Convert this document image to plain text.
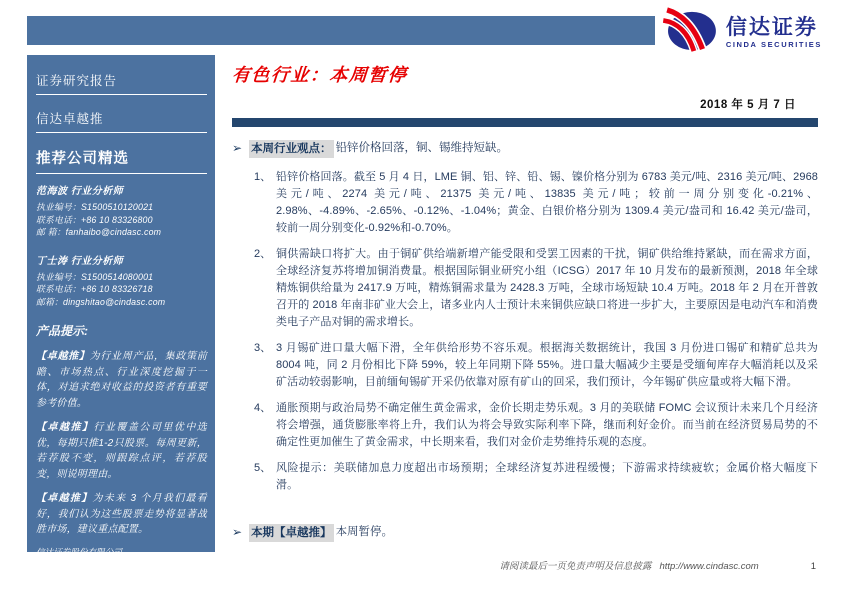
信达证券
CINDA SECURITIES
证券研究报告
信达卓越推
推荐公司精选
范海波 行业分析师
执业编号：S1500510120021
联系电话：+86 10 83326800
邮 箱：fanhaibo@cindasc.com
丁士涛 行业分析师
执业编号：S1500514080001
联系电话：+86 10 83326718
邮箱：dingshitao@cindasc.com
产品提示:

【卓越推】为行业周产品，集政策前瞻、市场热点、行业深度挖掘于一体，对追求绝对收益的投资者有重要参考价值。

【卓越推】行业覆盖公司里优中选优，每期只推1-2只股票。每周更新，若荐股不变，则跟踪点评，若荐股变，则说明理由。

【卓越推】为未来 3 个月我们最看好，我们认为这些股票走势将显著战胜市场，建议重点配置。

信达证券股份有限公司
CINDA SECURITIES CO.,LTD
北京市西城区闹市口大街 9 号院 1 号楼
邮编：100031
有色行业：本周暂停
2018 年 5 月 7 日
➢ 本周行业观点： 铅锌价格回落，铜、锡维持短缺。
1、 铅锌价格回落。截至 5 月 4 日，LME 铜、铝、锌、铅、锡、镍价格分别为 6783 美元/吨、2316 美元/吨、2968 美元/吨、2274 美元/吨、21375 美元/吨、13835 美元/吨；较前一周分别变化-0.21%、2.98%、-4.89%、-2.65%、-0.12%、-1.04%；黄金、白银价格分别为 1309.4 美元/盎司和 16.42 美元/盎司，较前一周分别变化-0.92%和-0.70%。

2、 铜供需缺口将扩大。由于铜矿供给端新增产能受限和受罢工因素的干扰，铜矿供给维持紧缺，而在需求方面，全球经济复苏将增加铜消费量。根据国际铜业研究小组（ICSG）2017 年 10 月发布的最新预测，2018 年全球精炼铜供给量为 2417.9 万吨，精炼铜需求量为 2428.3 万吨，全球市场短缺 10.4 万吨。2018 年 2 月在开普敦召开的 2018 年南非矿业大会上，诸多业内人士预计未来铜供应缺口将进一步扩大，主要原因是电动汽车和消费类电子产品对铜的需求增长。

3、 3 月锡矿进口量大幅下滑，全年供给形势不容乐观。根据海关数据统计，我国 3 月份进口锡矿和精矿总共为 8004 吨，同 2 月份相比下降 59%，较上年同期下降 55%。进口量大幅减少主要是受缅甸库存大幅消耗以及采矿活动较弱影响，目前缅甸锡矿开采仍依靠对原有矿山的回采，我们预计，今年锡矿供应量或将大幅下滑。

4、 通胀预期与政治局势不确定催生黄金需求，金价长期走势乐观。3 月的美联储 FOMC 会议预计未来几个月经济将会增强，通货膨胀率将上升，我们认为将会导致实际利率下降，继而利好金价。而当前在经济贸易局势的不确定性更加催生了黄金需求，中长期来看，我们对金价走势维持乐观的态度。

5、 风险提示：美联储加息力度超出市场预期；全球经济复苏进程缓慢；下游需求持续疲软；金属价格大幅度下滑。

➢ 本期【卓越推】 本周暂停。
请阅读最后一页免责声明及信息披露 http://www.cindasc.com	1
